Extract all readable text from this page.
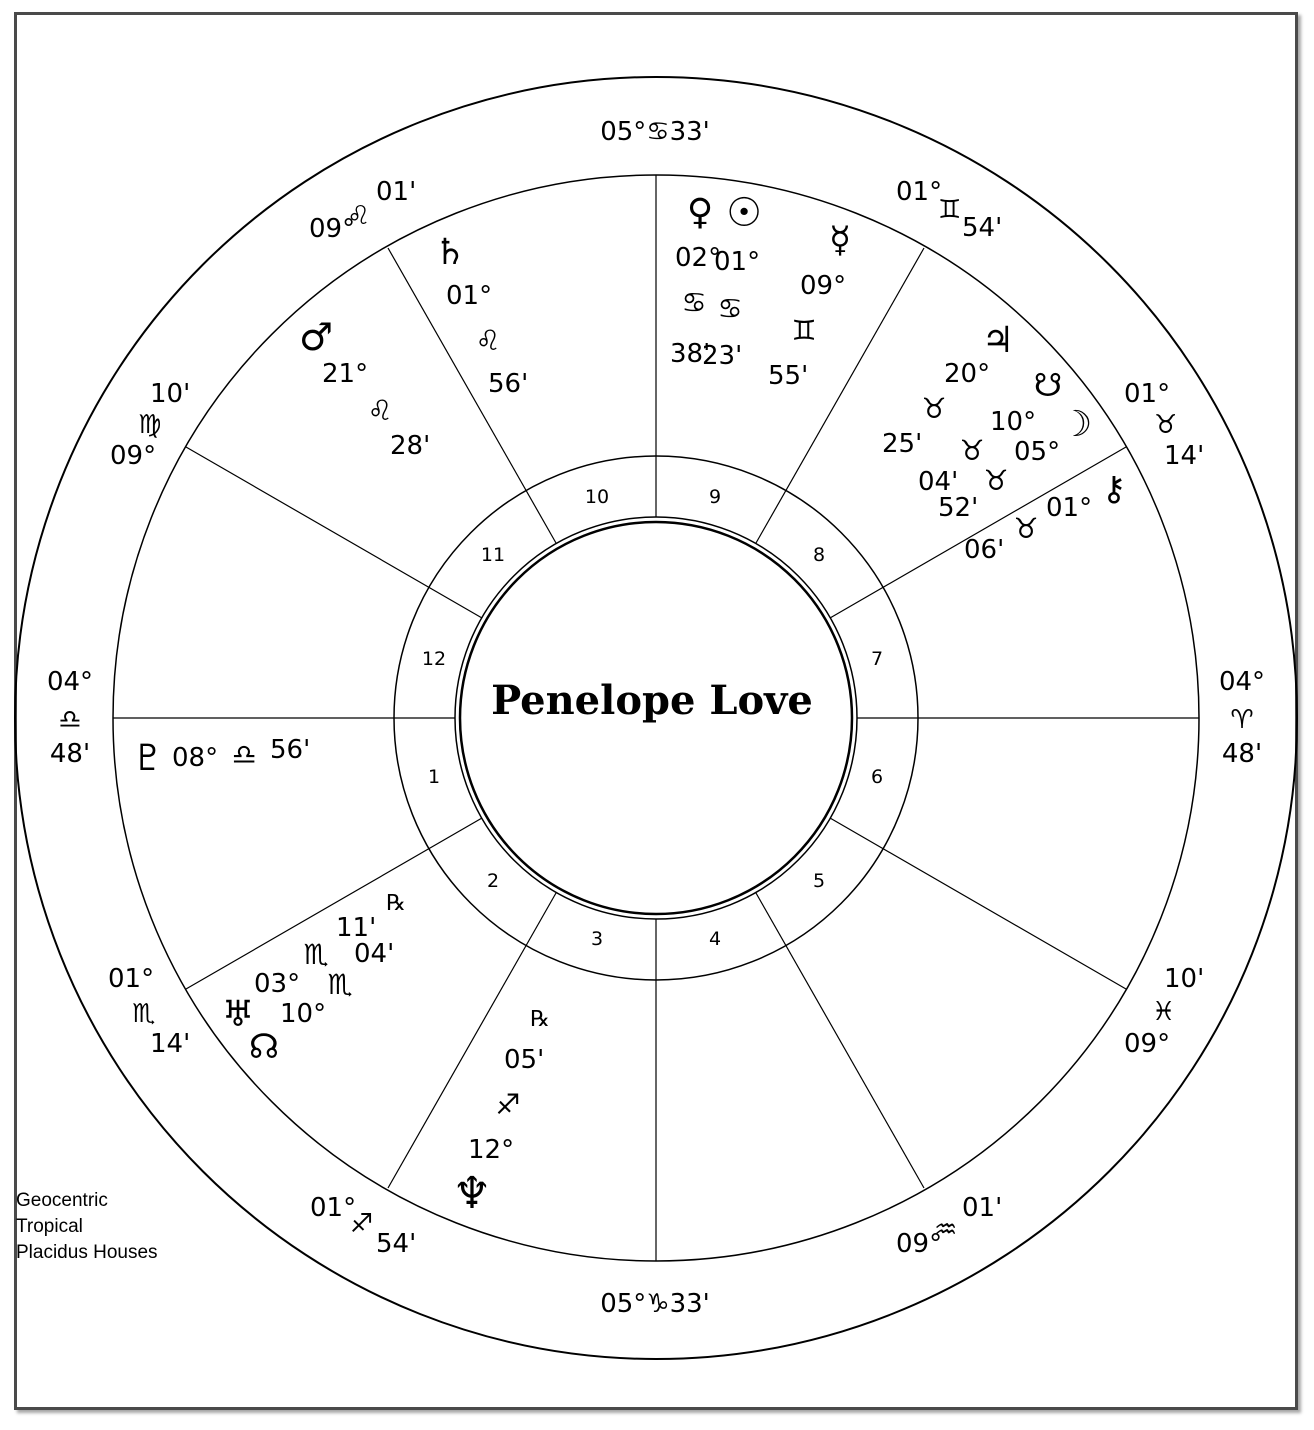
1
2
3	4
5
6
7
8
9
10
11
12
Penelope Love
05°♋33'
05°♑33'
04°
♎
48'
04°
♈
48'
09°
♌
01'
10'
♍
09°
01°
♏
14'
01°
♐
54'	09°
♒
01'
10'
♓
09°
01°
♉
14'
01°
♊
54'
♀ ☉
02°
01°
♋ ♋
38'
23'
☿
09°
♊
55'
♄
01°
♌
56'
♂
21°
♌
28'
♃
20°
♉
25'
☋
10°
♉
04'
☽
05°
♉
52'	⚷
01°
♉
06'
♇ 08° ♎ 56'
℞
11'
♏ 04'
03° ♏
♅ 10°
☊
℞
05'
♐
12°
♆
Geocentric
Tropical
Placidus Houses
